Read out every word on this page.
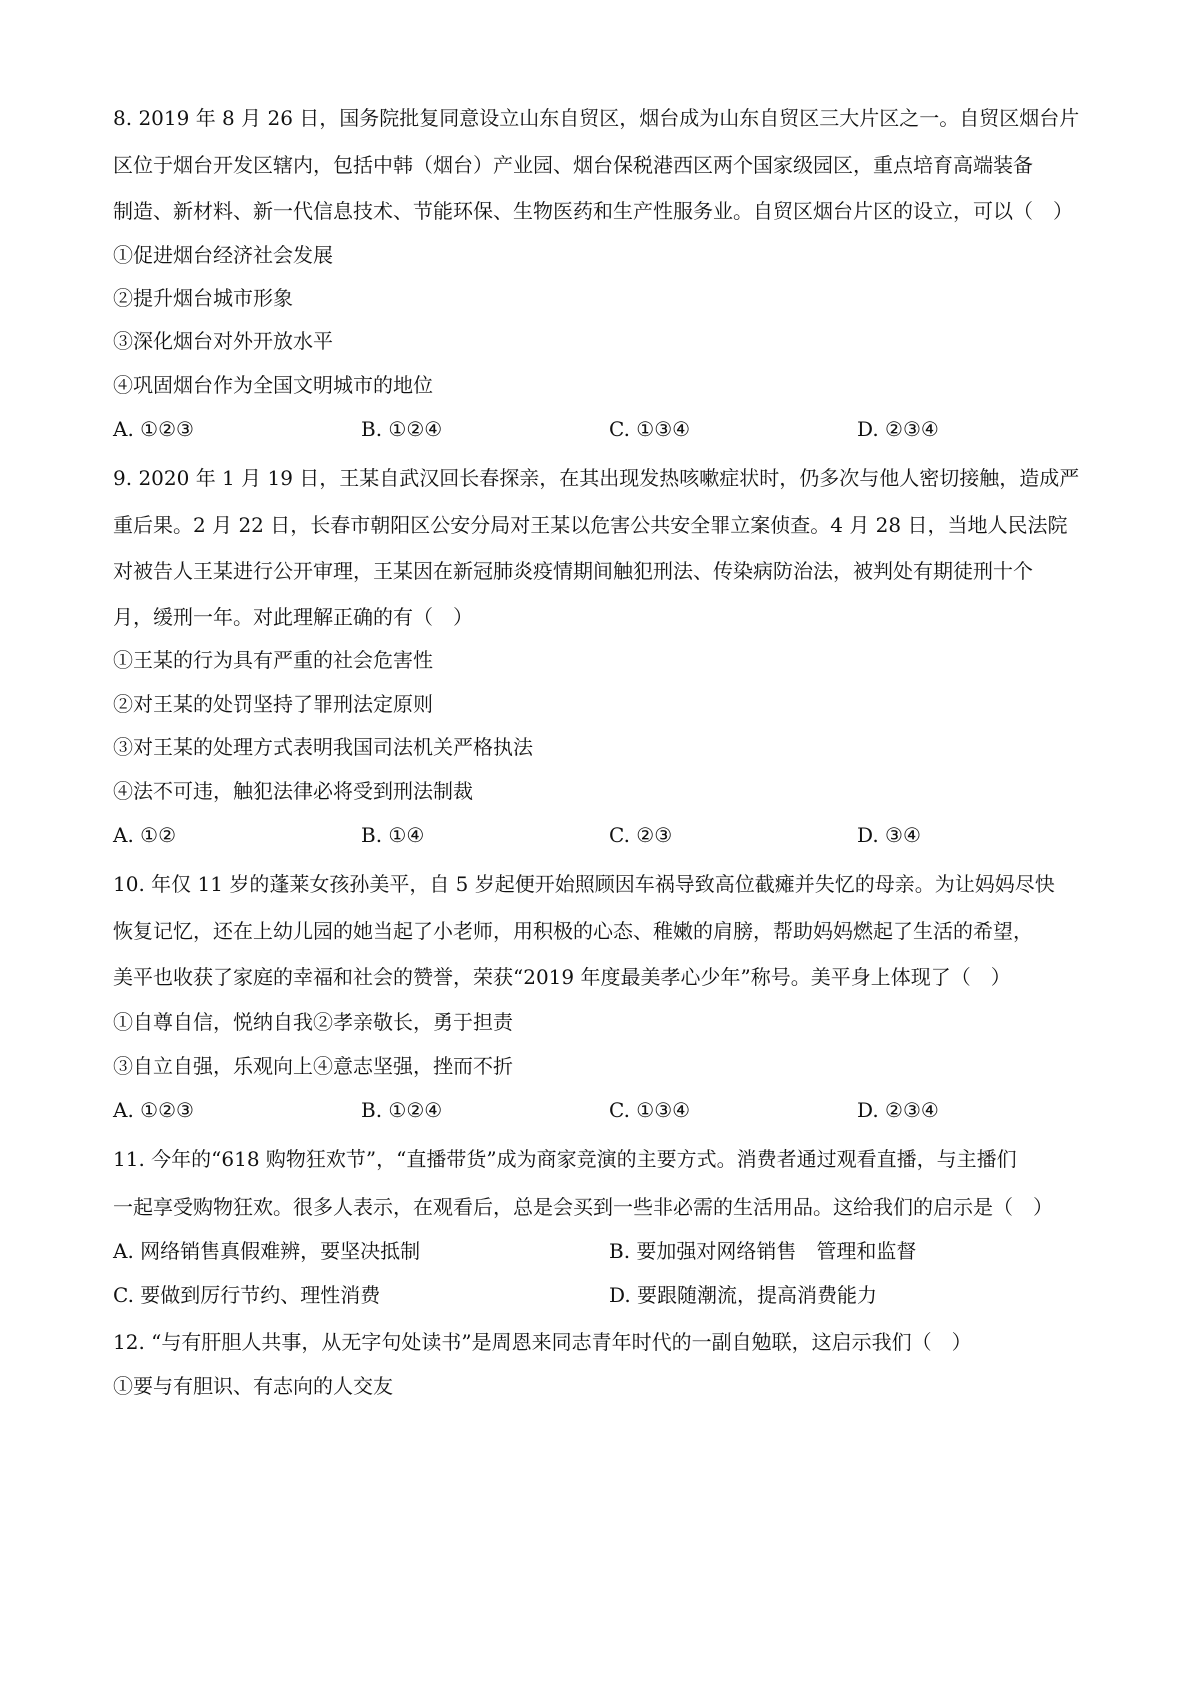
8. 2019 年 8 月 26 日，国务院批复同意设立山东自贸区，烟台成为山东自贸区三大片区之一。自贸区烟台片
区位于烟台开发区辖内，包括中韩（烟台）产业园、烟台保税港西区两个国家级园区，重点培育高端装备
制造、新材料、新一代信息技术、节能环保、生物医药和生产性服务业。自贸区烟台片区的设立，可以（　）
①促进烟台经济社会发展
②提升烟台城市形象
③深化烟台对外开放水平
④巩固烟台作为全国文明城市的地位
A. ①②③	B. ①②④	C. ①③④	D. ②③④
9. 2020 年 1 月 19 日，王某自武汉回长春探亲，在其出现发热咳嗽症状时，仍多次与他人密切接触，造成严
重后果。2 月 22 日，长春市朝阳区公安分局对王某以危害公共安全罪立案侦查。4 月 28 日，当地人民法院
对被告人王某进行公开审理，王某因在新冠肺炎疫情期间触犯刑法、传染病防治法，被判处有期徒刑十个
月，缓刑一年。对此理解正确的有（　）
①王某的行为具有严重的社会危害性
②对王某的处罚坚持了罪刑法定原则
③对王某的处理方式表明我国司法机关严格执法
④法不可违，触犯法律必将受到刑法制裁
A. ①②	B. ①④	C. ②③	D. ③④
10. 年仅 11 岁的蓬莱女孩孙美平，自 5 岁起便开始照顾因车祸导致高位截瘫并失忆的母亲。为让妈妈尽快
恢复记忆，还在上幼儿园的她当起了小老师，用积极的心态、稚嫩的肩膀，帮助妈妈燃起了生活的希望，
美平也收获了家庭的幸福和社会的赞誉，荣获“2019 年度最美孝心少年”称号。美平身上体现了（　）
①自尊自信，悦纳自我②孝亲敬长，勇于担责
③自立自强，乐观向上④意志坚强，挫而不折
A. ①②③	B. ①②④	C. ①③④	D. ②③④
11. 今年的“618 购物狂欢节”，“直播带货”成为商家竞演的主要方式。消费者通过观看直播，与主播们
一起享受购物狂欢。很多人表示，在观看后，总是会买到一些非必需的生活用品。这给我们的启示是（　）
A. 网络销售真假难辨，要坚决抵制	B. 要加强对网络销售　管理和监督
C. 要做到厉行节约、理性消费	D. 要跟随潮流，提高消费能力
12. “与有肝胆人共事，从无字句处读书”是周恩来同志青年时代的一副自勉联，这启示我们（　）
①要与有胆识、有志向的人交友
